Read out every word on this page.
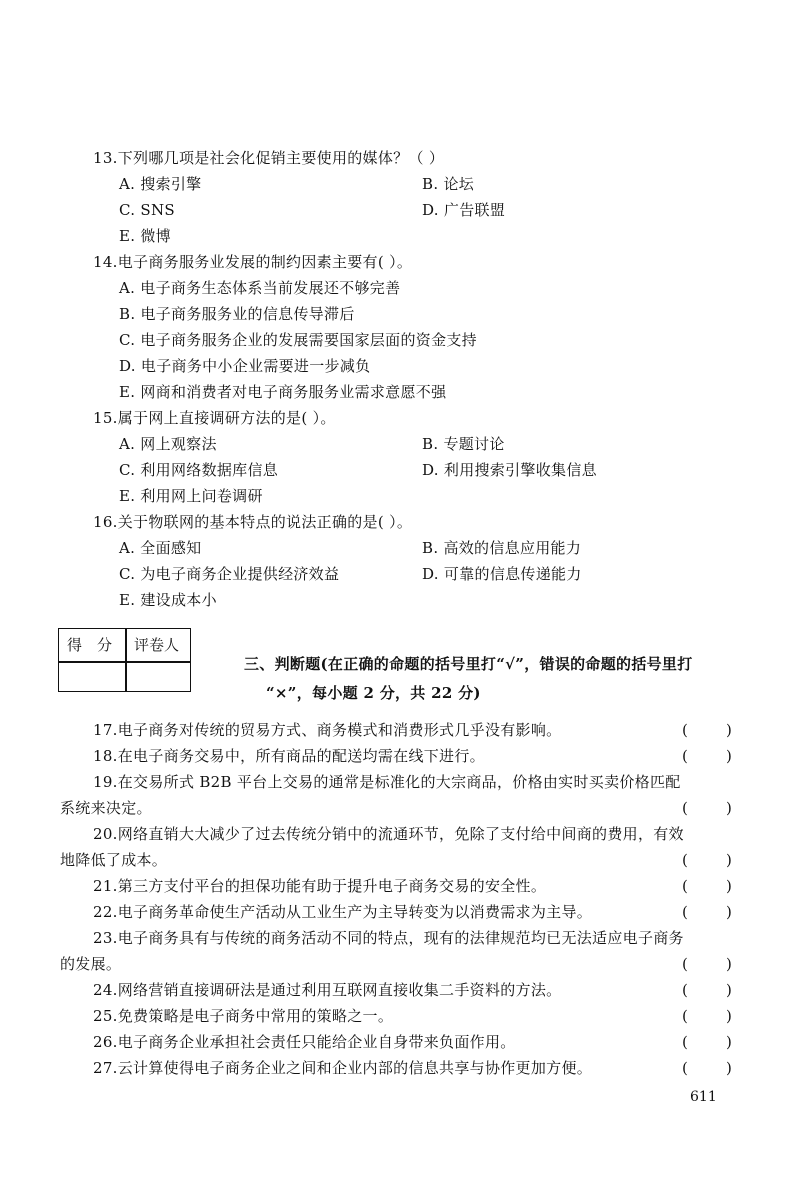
13.下列哪几项是社会化促销主要使用的媒体？（ ）
A. 搜索引擎	B. 论坛
C. SNS	D. 广告联盟
E. 微博
14.电子商务服务业发展的制约因素主要有( ）。
A. 电子商务生态体系当前发展还不够完善
B. 电子商务服务业的信息传导滞后
C. 电子商务服务企业的发展需要国家层面的资金支持
D. 电子商务中小企业需要进一步减负
E. 网商和消费者对电子商务服务业需求意愿不强
15.属于网上直接调研方法的是( ）。
A. 网上观察法	B. 专题讨论
C. 利用网络数据库信息	D. 利用搜索引擎收集信息
E. 利用网上问卷调研
16.关于物联网的基本特点的说法正确的是( ）。
A. 全面感知	B. 高效的信息应用能力
C. 为电子商务企业提供经济效益	D. 可靠的信息传递能力
E. 建设成本小
得　分 评卷人
三、判断题(在正确的命题的括号里打“√”，错误的命题的括号里打
“×”，每小题 2 分，共 22 分)
17.电子商务对传统的贸易方式、商务模式和消费形式几乎没有影响。	(        )
18.在电子商务交易中，所有商品的配送均需在线下进行。	(        )
19.在交易所式 B2B 平台上交易的通常是标准化的大宗商品，价格由实时买卖价格匹配
系统来决定。	(        )
20.网络直销大大减少了过去传统分销中的流通环节，免除了支付给中间商的费用，有效
地降低了成本。	(        )
21.第三方支付平台的担保功能有助于提升电子商务交易的安全性。	(        )
22.电子商务革命使生产活动从工业生产为主导转变为以消费需求为主导。	(        )
23.电子商务具有与传统的商务活动不同的特点，现有的法律规范均已无法适应电子商务
的发展。	(        )
24.网络营销直接调研法是通过利用互联网直接收集二手资料的方法。	(        )
25.免费策略是电子商务中常用的策略之一。	(        )
26.电子商务企业承担社会责任只能给企业自身带来负面作用。	(        )
27.云计算使得电子商务企业之间和企业内部的信息共享与协作更加方便。	(        )
611
